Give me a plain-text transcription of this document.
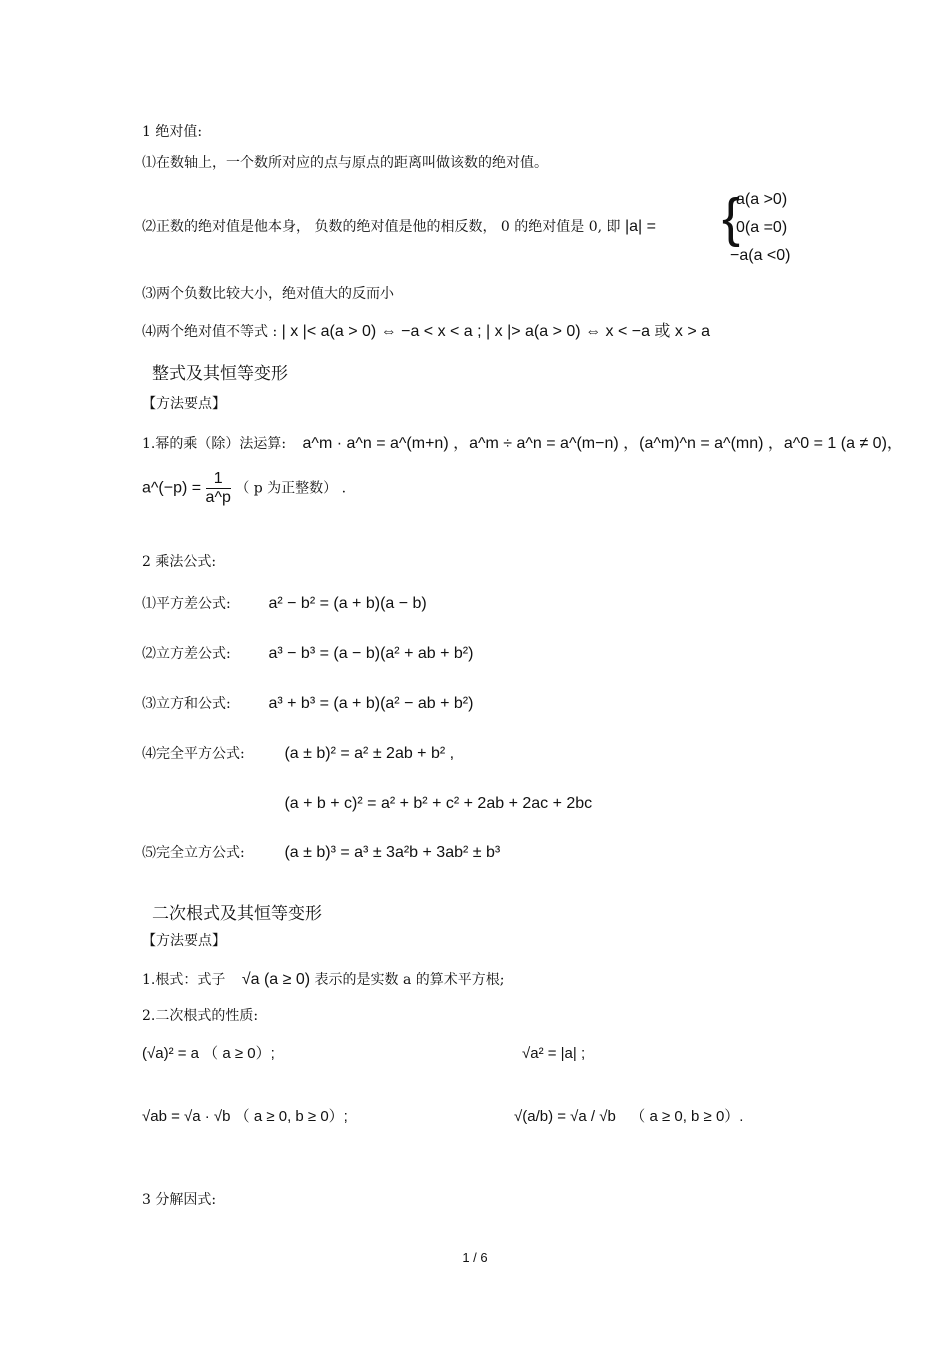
1 绝对值:
⑴在数轴上，一个数所对应的点与原点的距离叫做该数的绝对值。
⑵正数的绝对值是他本身， 负数的绝对值是他的相反数， 0 的绝对值是 0, 即 |a| = {
a(a >0)
0(a =0)
−a(a <0)
⑶两个负数比较大小，绝对值大的反而小
⑷两个绝对值不等式 : | x |< a(a > 0) ⇔ −a < x < a ; | x |> a(a > 0) ⇔ x < −a 或 x > a
整式及其恒等变形
【方法要点】
1.幂的乘（除）法运算: a^m · a^n = a^(m+n) ，a^m ÷ a^n = a^(m−n) ，(a^m)^n = a^(mn) ，a^0 = 1 (a ≠ 0)，
a^(−p) = $\frac{1}{a\^{}p}$ （ p 为正整数） .
2 乘法公式:
⑴平方差公式: a² − b² = (a + b)(a − b)
⑵立方差公式: a³ − b³ = (a − b)(a² + ab + b²)
⑶立方和公式: a³ + b³ = (a + b)(a² − ab + b²)
⑷完全平方公式: (a ± b)² = a² ± 2ab + b² ,
(a + b + c)² = a² + b² + c² + 2ab + 2ac + 2bc
⑸完全立方公式: (a ± b)³ = a³ ± 3a²b + 3ab² ± b³
二次根式及其恒等变形
【方法要点】
1.根式：式子 √a (a ≥ 0) 表示的是实数 a 的算术平方根;
2.二次根式的性质:
(√a)² = a （ a ≥ 0）;	√a² = |a| ;
√ab = √a · √b （ a ≥ 0, b ≥ 0）;	√(a/b) = √a / √b （ a ≥ 0, b ≥ 0）.
3 分解因式:
1 / 6
